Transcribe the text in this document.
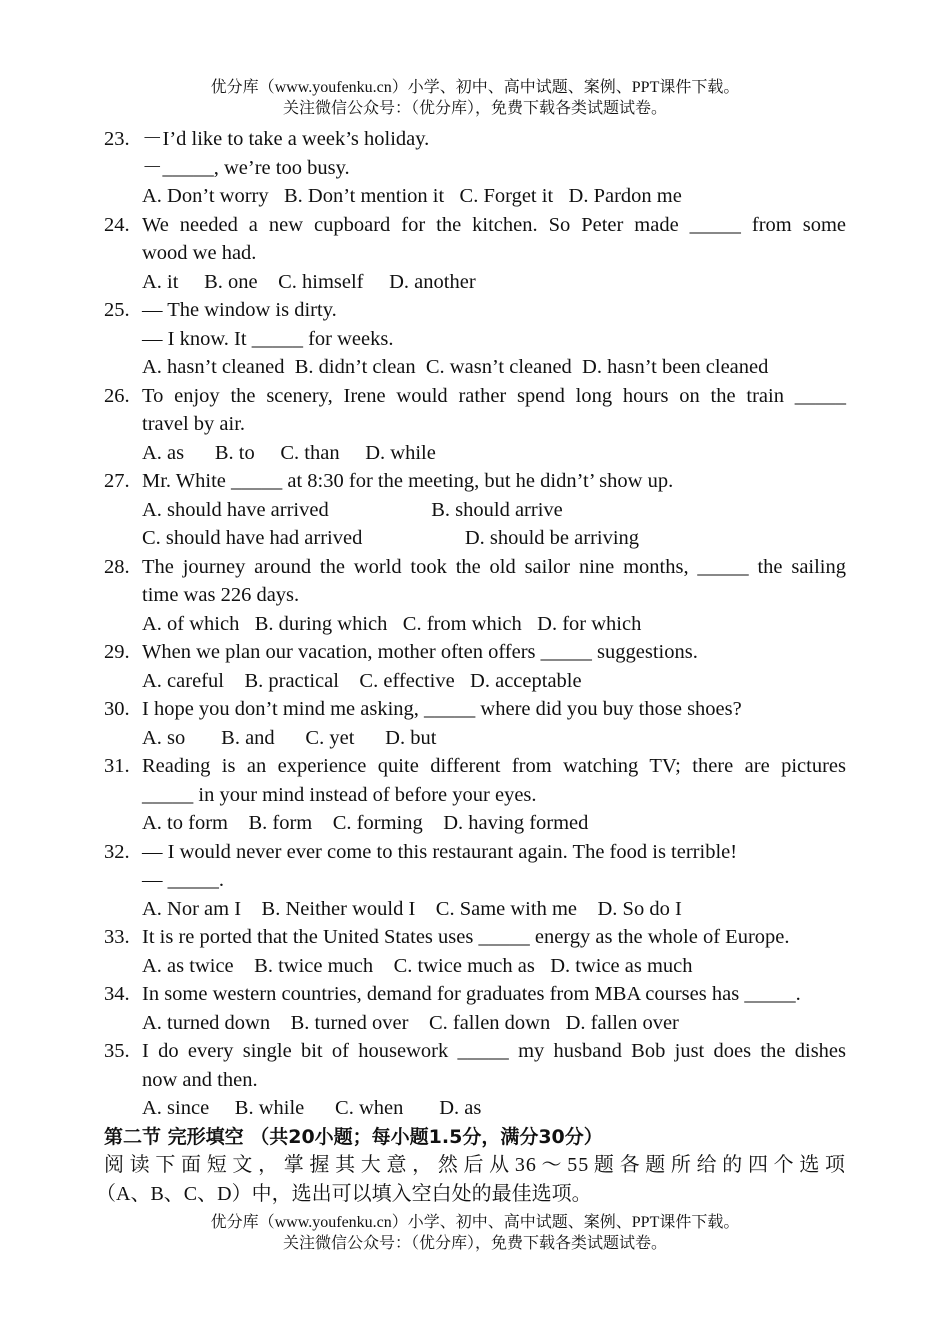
优分库（www.youfenku.cn）小学、初中、高中试题、案例、PPT课件下载。
关注微信公众号：（优分库），免费下载各类试题试卷。
23. －I’d like to take a week’s holiday.
－_____, we’re too busy.
A. Don’t worry   B. Don’t mention it   C. Forget it   D. Pardon me
24. We needed a new cupboard for the kitchen. So Peter made _____ from some
wood we had.
A. it     B. one    C. himself     D. another
25. — The window is dirty.
— I know. It _____ for weeks.
A. hasn’t cleaned  B. didn’t clean  C. wasn’t cleaned  D. hasn’t been cleaned
26. To enjoy the scenery, Irene would rather spend long hours on the train _____
travel by air.
A. as      B. to     C. than     D. while
27. Mr. White _____ at 8:30 for the meeting, but he didn’t’ show up.
A. should have arrived                    B. should arrive
C. should have had arrived                    D. should be arriving
28. The journey around the world took the old sailor nine months, _____ the sailing
time was 226 days.
A. of which   B. during which   C. from which   D. for which
29. When we plan our vacation, mother often offers _____ suggestions.
A. careful    B. practical    C. effective   D. acceptable
30. I hope you don’t mind me asking, _____ where did you buy those shoes?
A. so       B. and      C. yet      D. but
31. Reading is an experience quite different from watching TV; there are pictures
_____ in your mind instead of before your eyes.
A. to form    B. form    C. forming    D. having formed
32. — I would never ever come to this restaurant again. The food is terrible!
— _____.
A. Nor am I    B. Neither would I    C. Same with me    D. So do I
33. It is re ported that the United States uses _____ energy as the whole of Europe.
A. as twice    B. twice much    C. twice much as   D. twice as much
34. In some western countries, demand for graduates from MBA courses has _____.
A. turned down    B. turned over    C. fallen down   D. fallen over
35. I do every single bit of housework _____ my husband Bob just does the dishes
now and then.
A. since     B. while      C. when       D. as
第二节 完形填空 （共20小题；每小题1.5分，满分30分）
阅读下面短文，掌握其大意，然后从36～55题各题所给的四个选项
（A、B、C、D）中，选出可以填入空白处的最佳选项。
优分库（www.youfenku.cn）小学、初中、高中试题、案例、PPT课件下载。
关注微信公众号：（优分库），免费下载各类试题试卷。
